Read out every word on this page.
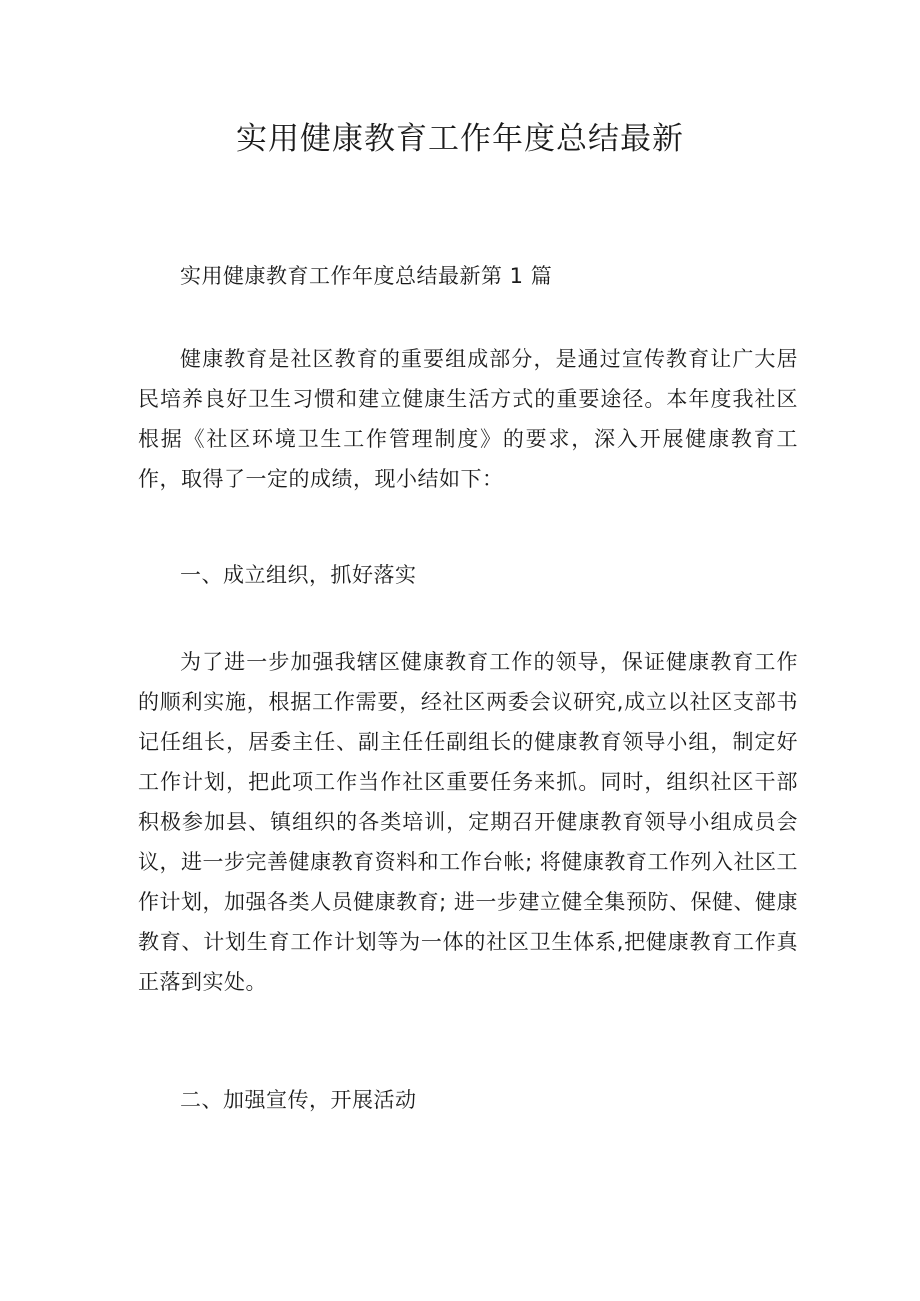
实用健康教育工作年度总结最新

实用健康教育工作年度总结最新第 1 篇

健康教育是社区教育的重要组成部分，是通过宣传教育让广大居民培养良好卫生习惯和建立健康生活方式的重要途径。本年度我社区根据《社区环境卫生工作管理制度》的要求，深入开展健康教育工作，取得了一定的成绩，现小结如下：

一、成立组织，抓好落实

为了进一步加强我辖区健康教育工作的领导，保证健康教育工作的顺利实施，根据工作需要，经社区两委会议研究,成立以社区支部书记任组长，居委主任、副主任任副组长的健康教育领导小组，制定好工作计划，把此项工作当作社区重要任务来抓。同时，组织社区干部积极参加县、镇组织的各类培训，定期召开健康教育领导小组成员会议，进一步完善健康教育资料和工作台帐; 将健康教育工作列入社区工作计划，加强各类人员健康教育; 进一步建立健全集预防、保健、健康教育、计划生育工作计划等为一体的社区卫生体系,把健康教育工作真正落到实处。

二、加强宣传，开展活动
